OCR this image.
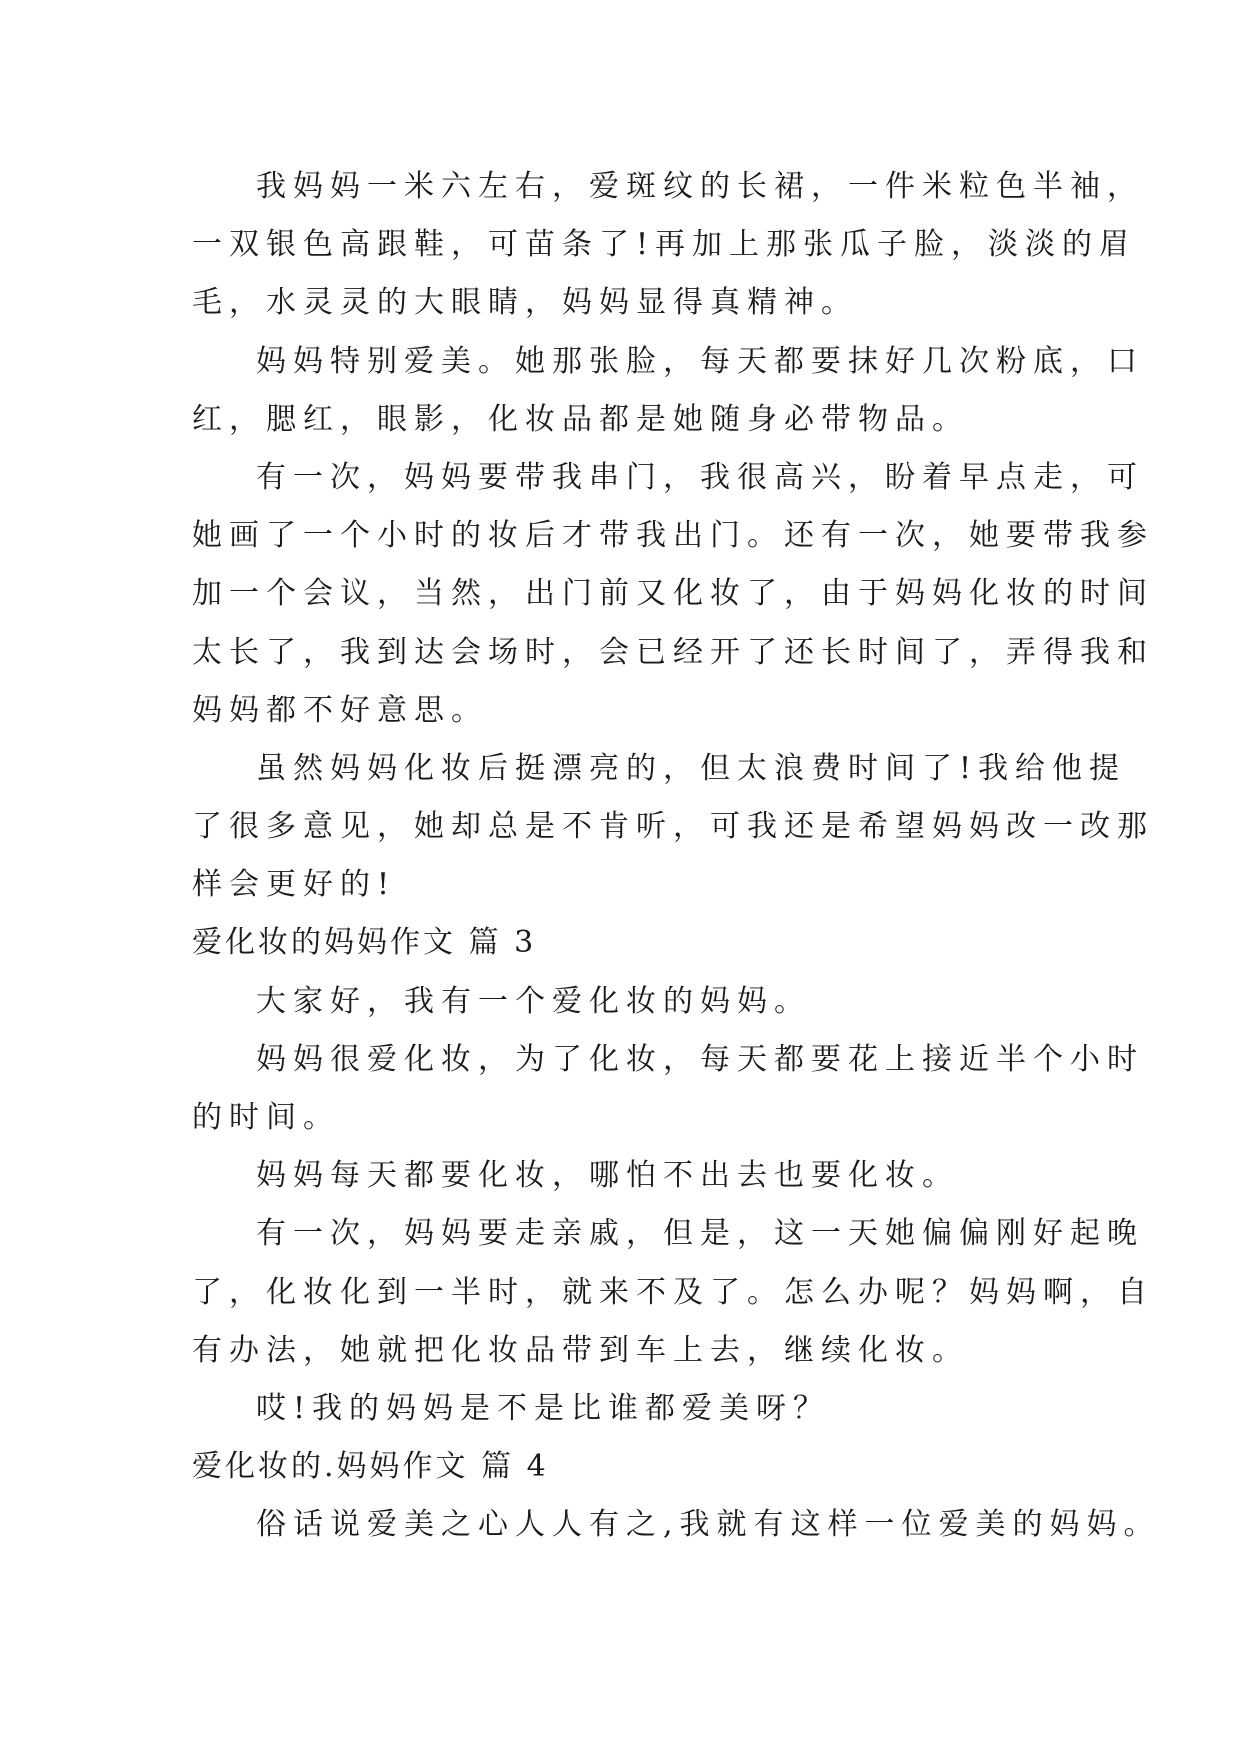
我妈妈一米六左右，爱斑纹的长裙，一件米粒色半袖，
一双银色高跟鞋，可苗条了!再加上那张瓜子脸，淡淡的眉
毛，水灵灵的大眼睛，妈妈显得真精神。
妈妈特别爱美。她那张脸，每天都要抹好几次粉底，口
红，腮红，眼影，化妆品都是她随身必带物品。
有一次，妈妈要带我串门，我很高兴，盼着早点走，可
她画了一个小时的妆后才带我出门。还有一次，她要带我参
加一个会议，当然，出门前又化妆了，由于妈妈化妆的时间
太长了，我到达会场时，会已经开了还长时间了，弄得我和
妈妈都不好意思。
虽然妈妈化妆后挺漂亮的，但太浪费时间了!我给他提
了很多意见，她却总是不肯听，可我还是希望妈妈改一改那
样会更好的!
爱化妆的妈妈作文 篇 3
大家好，我有一个爱化妆的妈妈。
妈妈很爱化妆，为了化妆，每天都要花上接近半个小时
的时间。
妈妈每天都要化妆，哪怕不出去也要化妆。
有一次，妈妈要走亲戚，但是，这一天她偏偏刚好起晚
了，化妆化到一半时，就来不及了。怎么办呢？妈妈啊，自
有办法，她就把化妆品带到车上去，继续化妆。
哎!我的妈妈是不是比谁都爱美呀？
爱化妆的.妈妈作文 篇 4
俗话说爱美之心人人有之,我就有这样一位爱美的妈妈。
